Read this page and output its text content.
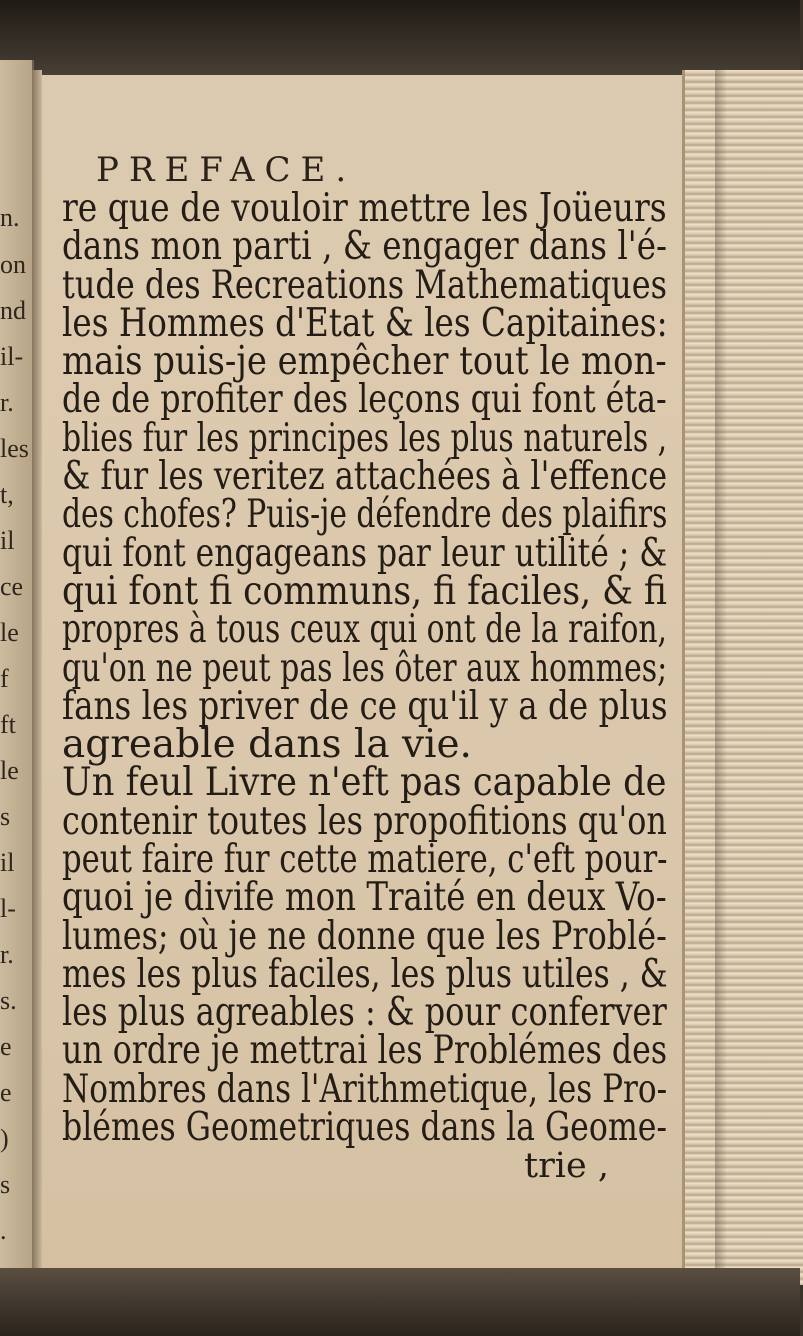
n.
on
nd
il-
r.
les
t,
il
ce
le
f
ft
le
s
il
l-
r.
s.
e
e
)
s
.
PREFACE.

re que de vouloir mettre les Joüeurs

dans mon parti , & engager dans l'é-

tude des Recreations Mathematiques

les Hommes d'Etat & les Capitaines:

mais puis-je empêcher tout le mon-

de de profiter des leçons qui font éta-

blies fur les principes les plus naturels ,

& fur les veritez attachées à l'effence

des chofes? Puis-je défendre des plaifirs

qui font engageans par leur utilité ; &

qui font fi communs, fi faciles, & fi

propres à tous ceux qui ont de la raifon,

qu'on ne peut pas les ôter aux hommes;

fans les priver de ce qu'il y a de plus

agreable dans la vie.

Un feul Livre n'eft pas capable de

contenir toutes les propofitions qu'on

peut faire fur cette matiere, c'eft pour-

quoi je divife mon Traité en deux Vo-

lumes; où je ne donne que les Problé-

mes les plus faciles, les plus utiles , &

les plus agreables : & pour conferver

un ordre je mettrai les Problémes des

Nombres dans l'Arithmetique, les Pro-

blémes Geometriques dans la Geome-

trie ,
